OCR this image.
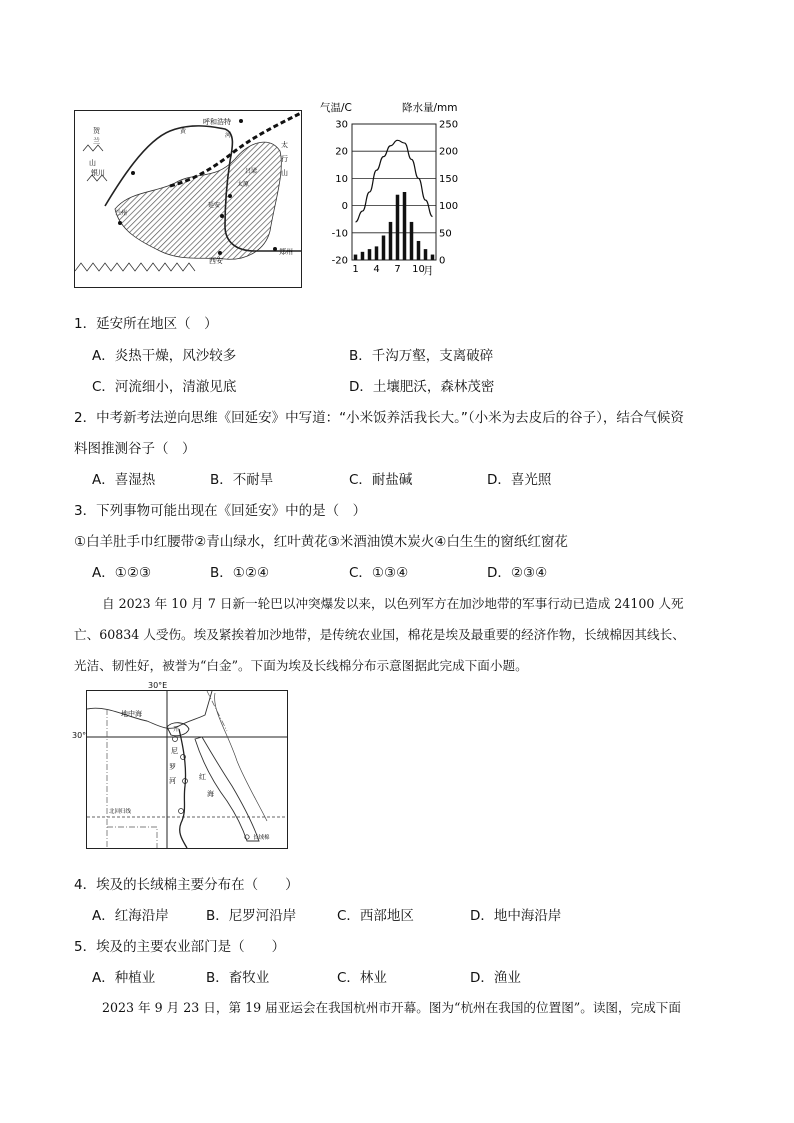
呼和浩特
贺
兰
山
银川
黄
河
太
行
山
太原
吕梁
延安
兰州
西安
郑州
气温/C	降水量/mm
30
20
10
0
-10
-20
250
200
150
100
50
0
1 4 7 10
月
1．延安所在地区（　）
A．炎热干燥，风沙较多	B．千沟万壑，支离破碎
C．河流细小，清澈见底	D．土壤肥沃，森林茂密
2．中考新考法逆向思维《回延安》中写道：“小米饭养活我长大。”（小米为去皮后的谷子），结合气候资
料图推测谷子（　）
A．喜湿热	B．不耐旱	C．耐盐碱	D．喜光照
3．下列事物可能出现在《回延安》中的是（　）
①白羊肚手巾红腰带②青山绿水，红叶黄花③米酒油馍木炭火④白生生的窗纸红窗花
A．①②③	B．①②④	C．①③④	D．②③④
自 2023 年 10 月 7 日新一轮巴以冲突爆发以来，以色列军方在加沙地带的军事行动已造成 24100 人死
亡、60834 人受伤。埃及紧挨着加沙地带，是传统农业国，棉花是埃及最重要的经济作物，长绒棉因其线长、
光洁、韧性好，被誉为“白金”。下面为埃及长线棉分布示意图据此完成下面小题。
地中海
开
尼
罗
河	红
海
北回归线
长绒棉
30°E
30°
4．埃及的长绒棉主要分布在（　　）
A．红海沿岸	B．尼罗河沿岸	C．西部地区	D．地中海沿岸
5．埃及的主要农业部门是（　　）
A．种植业	B．畜牧业	C．林业	D．渔业
2023 年 9 月 23 日，第 19 届亚运会在我国杭州市开幕。图为“杭州在我国的位置图”。读图，完成下面
